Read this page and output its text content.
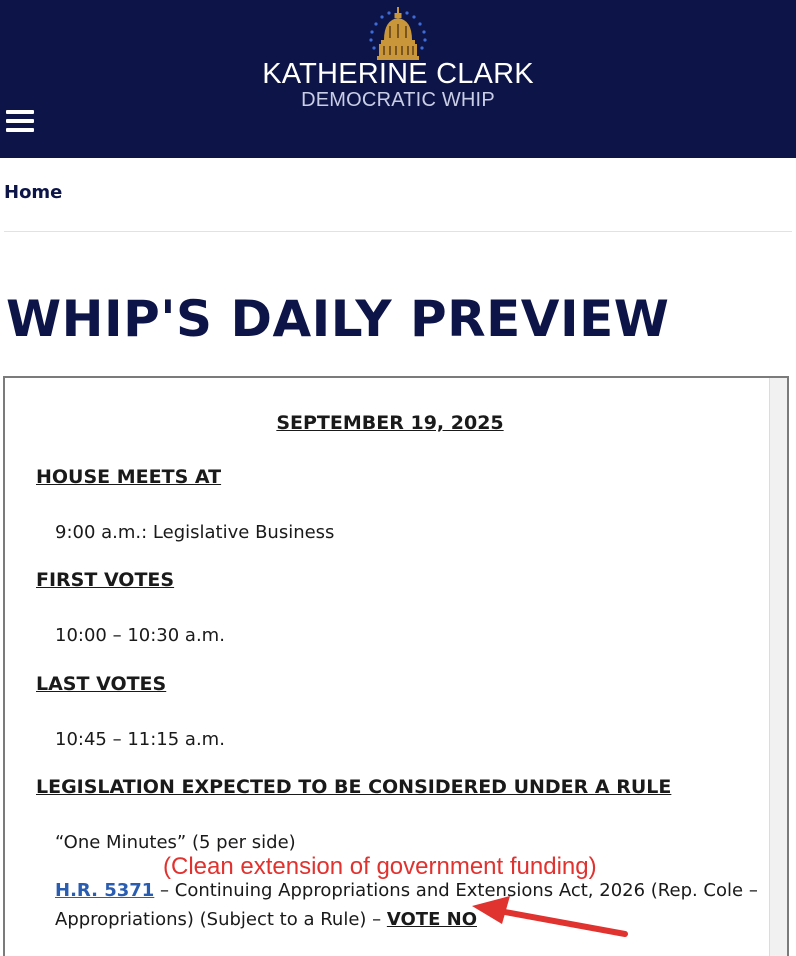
KATHERINE CLARK
DEMOCRATIC WHIP
Home
WHIP'S DAILY PREVIEW
SEPTEMBER 19, 2025
HOUSE MEETS AT
9:00 a.m.: Legislative Business
FIRST VOTES
10:00 – 10:30 a.m.
LAST VOTES
10:45 – 11:15 a.m.
LEGISLATION EXPECTED TO BE CONSIDERED UNDER A RULE
“One Minutes” (5 per side)
H.R. 5371 – Continuing Appropriations and Extensions Act, 2026 (Rep. Cole –
Appropriations) (Subject to a Rule) – VOTE NO
(Clean extension of government funding)
